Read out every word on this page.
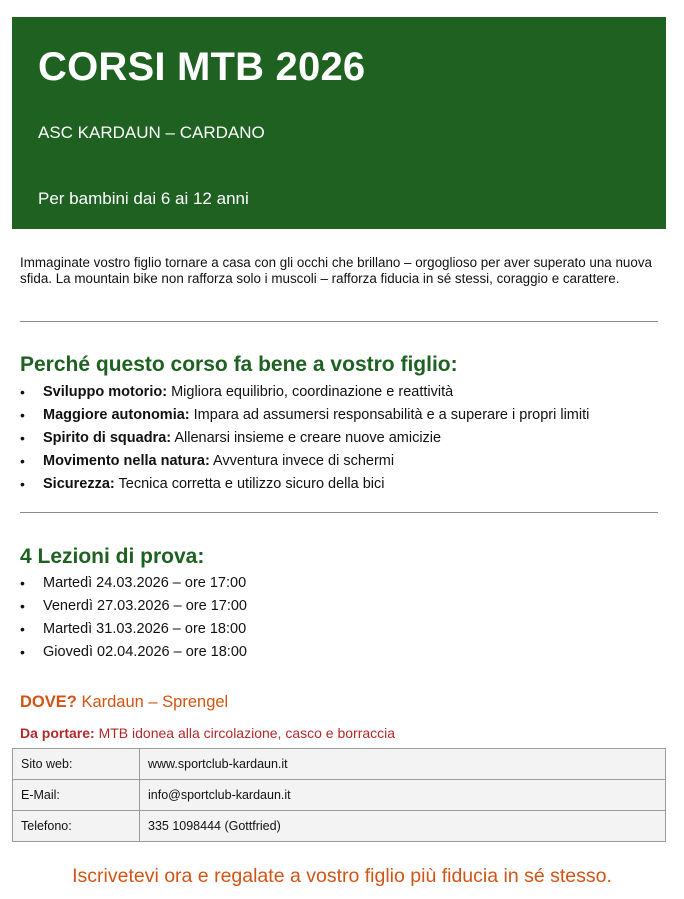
CORSI MTB 2026
ASC KARDAUN – CARDANO
Per bambini dai 6 ai 12 anni
Immaginate vostro figlio tornare a casa con gli occhi che brillano – orgoglioso per aver superato una nuova sfida. La mountain bike non rafforza solo i muscoli – rafforza fiducia in sé stessi, coraggio e carattere.
Perché questo corso fa bene a vostro figlio:
• Sviluppo motorio: Migliora equilibrio, coordinazione e reattività
• Maggiore autonomia: Impara ad assumersi responsabilità e a superare i propri limiti
• Spirito di squadra: Allenarsi insieme e creare nuove amicizie
• Movimento nella natura: Avventura invece di schermi
• Sicurezza: Tecnica corretta e utilizzo sicuro della bici
4 Lezioni di prova:
• Martedì 24.03.2026 – ore 17:00
• Venerdì 27.03.2026 – ore 17:00
• Martedì 31.03.2026 – ore 18:00
• Giovedì 02.04.2026 – ore 18:00
DOVE? Kardaun – Sprengel
Da portare: MTB idonea alla circolazione, casco e borraccia
Sito web:	www.sportclub-kardaun.it
E-Mail:	info@sportclub-kardaun.it
Telefono:	335 1098444 (Gottfried)
Iscrivetevi ora e regalate a vostro figlio più fiducia in sé stesso.
